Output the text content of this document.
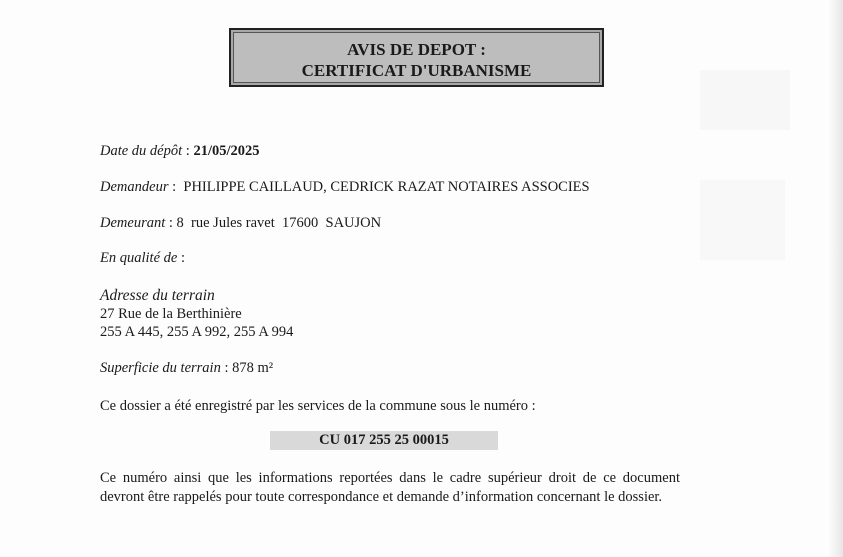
AVIS DE DEPOT :
CERTIFICAT D'URBANISME
Date du dépôt : 21/05/2025
Demandeur :  PHILIPPE CAILLAUD, CEDRICK RAZAT NOTAIRES ASSOCIES
Demeurant : 8  rue Jules ravet  17600  SAUJON
En qualité de :
Adresse du terrain
27 Rue de la Berthinière
255 A 445, 255 A 992, 255 A 994
Superficie du terrain : 878 m²
Ce dossier a été enregistré par les services de la commune sous le numéro :
CU 017 255 25 00015
Ce numéro ainsi que les informations reportées dans le cadre supérieur droit de ce document devront être rappelés pour toute correspondance et demande d’information concernant le dossier.
